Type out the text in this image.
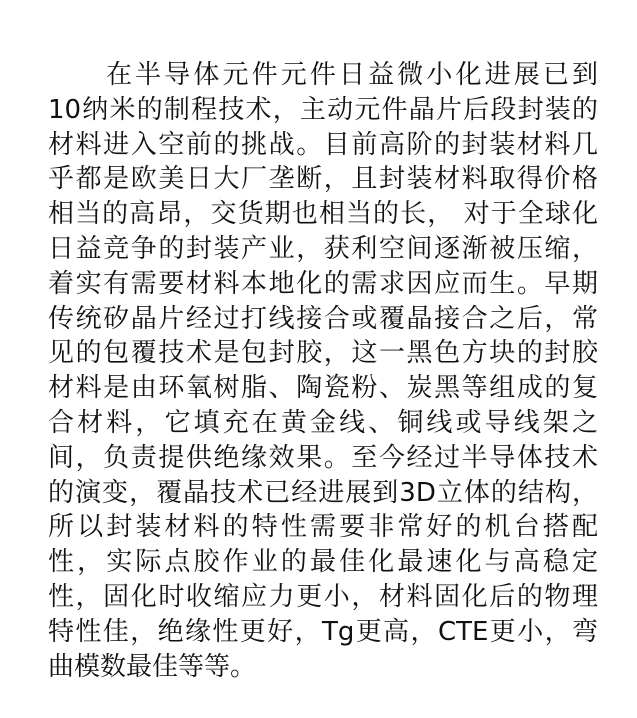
在半导体元件元件日益微小化进展已到
10纳米的制程技术，主动元件晶片后段封装的
材料进入空前的挑战。目前高阶的封装材料几
乎都是欧美日大厂垄断，且封装材料取得价格
相当的高昂，交货期也相当的长， 对于全球化
日益竞争的封装产业，获利空间逐渐被压缩，
着实有需要材料本地化的需求因应而生。早期
传统矽晶片经过打线接合或覆晶接合之后，常
见的包覆技术是包封胶，这一黑色方块的封胶
材料是由环氧树脂、陶瓷粉、炭黑等组成的复
合材料，它填充在黄金线、铜线或导线架之
间，负责提供绝缘效果。至今经过半导体技术
的演变，覆晶技术已经进展到3D立体的结构，
所以封装材料的特性需要非常好的机台搭配
性，实际点胶作业的最佳化最速化与高稳定
性，固化时收缩应力更小，材料固化后的物理
特性佳，绝缘性更好，Tg更高，CTE更小，弯
曲模数最佳等等。
